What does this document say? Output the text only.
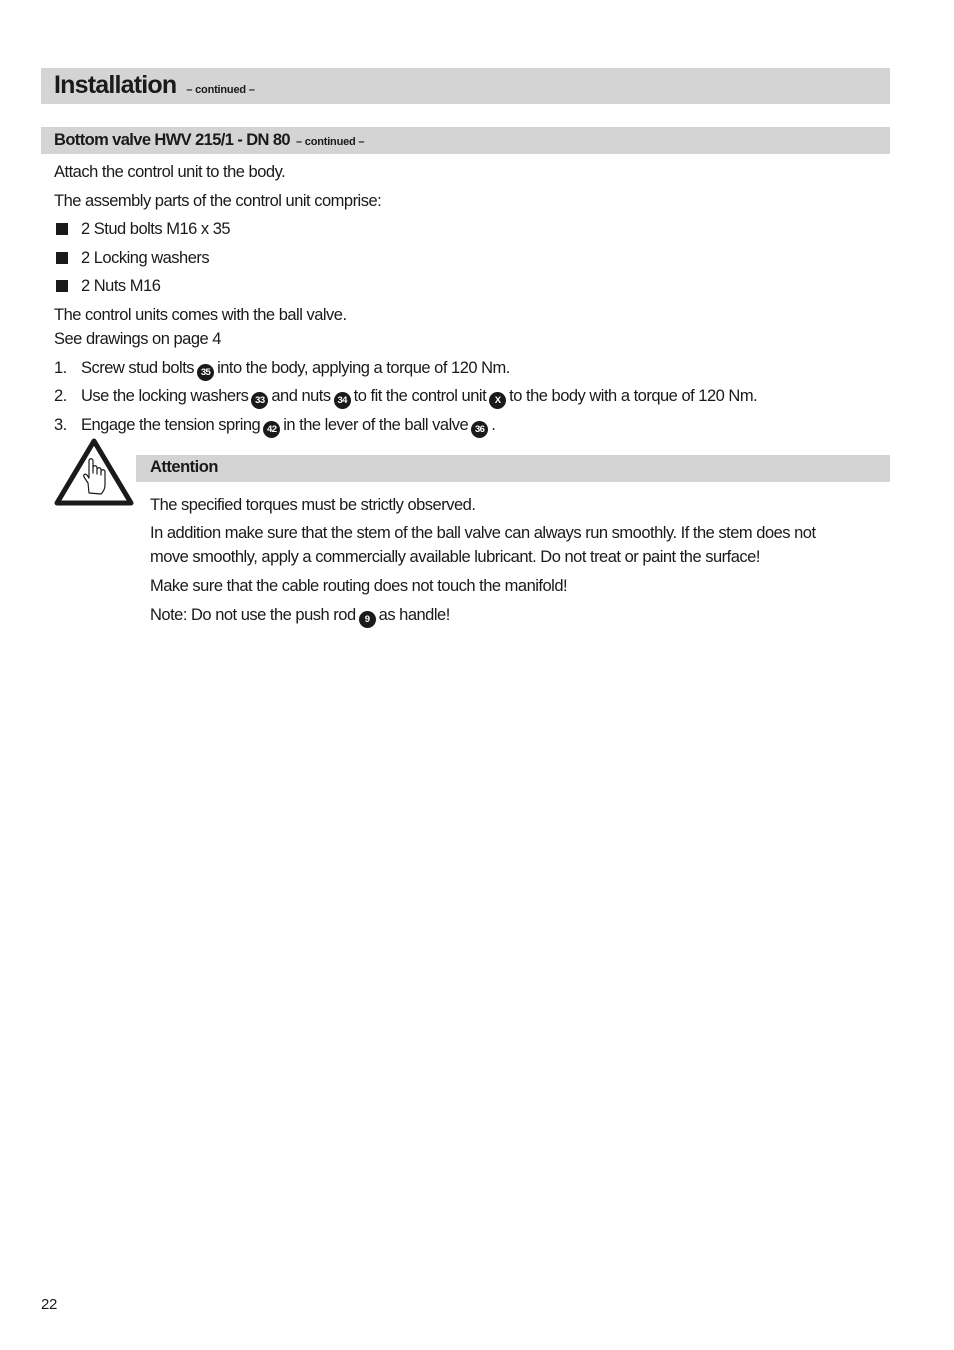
Installation – continued –
Bottom valve HWV 215/1 - DN 80 – continued –
Attach the control unit to the body.
The assembly parts of the control unit comprise:
2 Stud bolts M16 x 35
2 Locking washers
2 Nuts M16
The control units comes with the ball valve.
See drawings on page 4
1. Screw stud bolts 35 into the body, applying a torque of 120 Nm.
2. Use the locking washers 33 and nuts 34 to fit the control unit X to the body with a torque of 120 Nm.
3. Engage the tension spring 42 in the lever of the ball valve 36 .
Attention
The specified torques must be strictly observed.
In addition make sure that the stem of the ball valve can always run smoothly. If the stem does not
move smoothly, apply a commercially available lubricant. Do not treat or paint the surface!
Make sure that the cable routing does not touch the manifold!
Note: Do not use the push rod 9 as handle!
22
